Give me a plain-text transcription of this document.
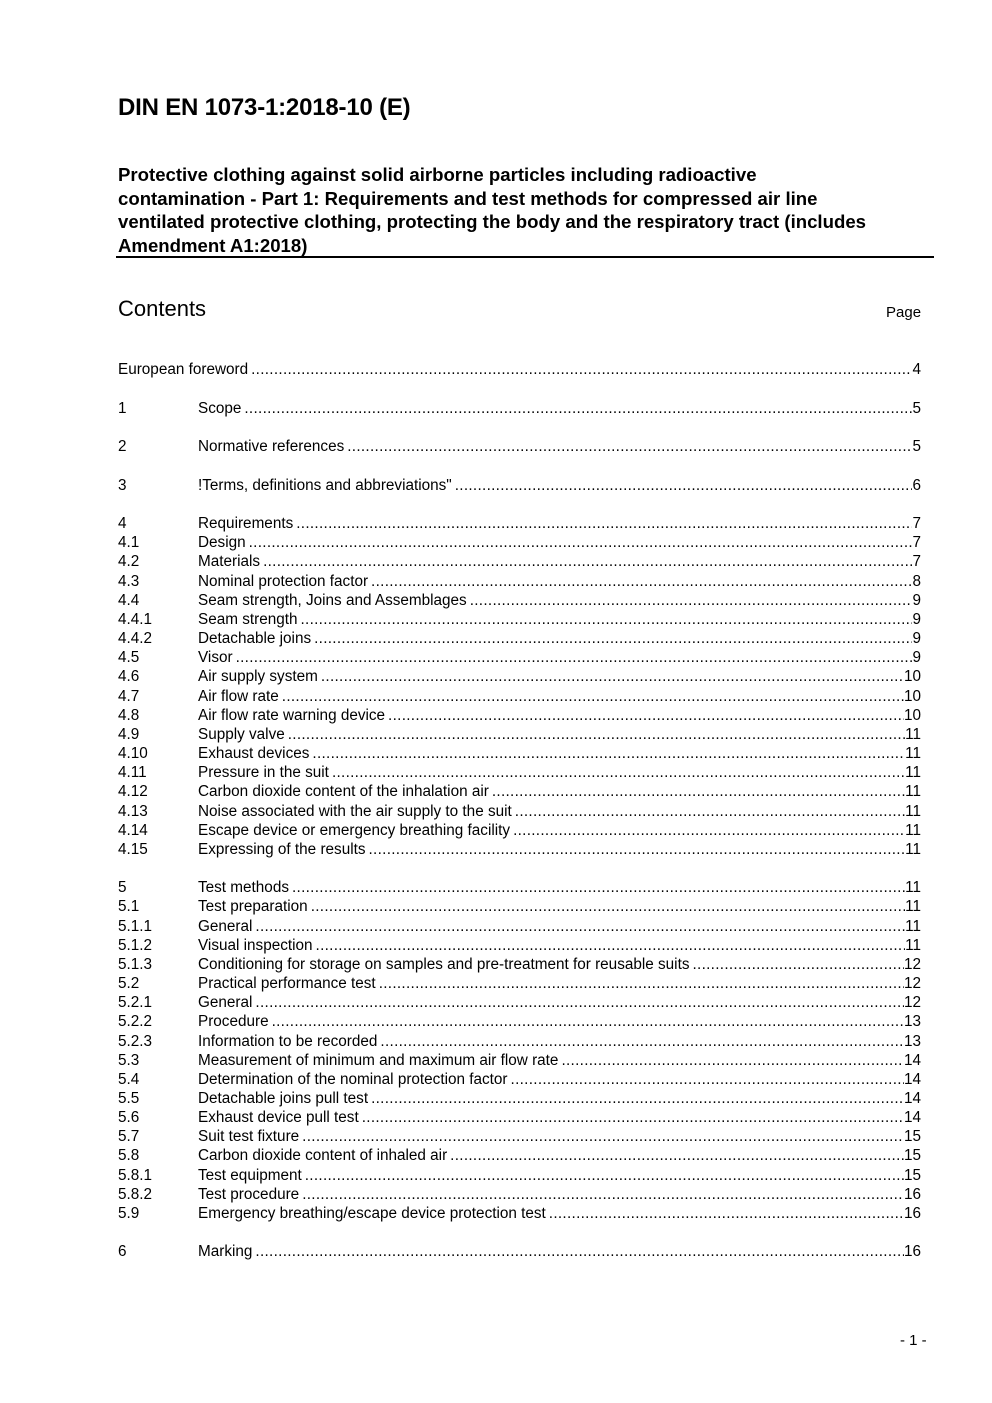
DIN EN 1073-1:2018-10 (E)
Protective clothing against solid airborne particles including radioactive
contamination - Part 1: Requirements and test methods for compressed air line
ventilated protective clothing, protecting the body and the respiratory tract (includes
Amendment A1:2018)
Contents	Page
European foreword .....	4
1	Scope .....	5
2	Normative references .....	5
3	!Terms, definitions and abbreviations" .....	6
4	Requirements .....	7
4.1	Design .....	7
4.2	Materials .....	7
4.3	Nominal protection factor .....	8
4.4	Seam strength, Joins and Assemblages .....	9
4.4.1	Seam strength .....	9
4.4.2	Detachable joins .....	9
4.5	Visor .....	9
4.6	Air supply system .....	10
4.7	Air flow rate .....	10
4.8	Air flow rate warning device .....	10
4.9	Supply valve .....	11
4.10	Exhaust devices .....	11
4.11	Pressure in the suit .....	11
4.12	Carbon dioxide content of the inhalation air .....	11
4.13	Noise associated with the air supply to the suit .....	11
4.14	Escape device or emergency breathing facility .....	11
4.15	Expressing of the results .....	11
5	Test methods .....	11
5.1	Test preparation .....	11
5.1.1	General .....	11
5.1.2	Visual inspection .....	11
5.1.3	Conditioning for storage on samples and pre-treatment for reusable suits .....	12
5.2	Practical performance test .....	12
5.2.1	General .....	12
5.2.2	Procedure .....	13
5.2.3	Information to be recorded .....	13
5.3	Measurement of minimum and maximum air flow rate .....	14
5.4	Determination of the nominal protection factor .....	14
5.5	Detachable joins pull test .....	14
5.6	Exhaust device pull test .....	14
5.7	Suit test fixture .....	15
5.8	Carbon dioxide content of inhaled air .....	15
5.8.1	Test equipment .....	15
5.8.2	Test procedure .....	16
5.9	Emergency breathing/escape device protection test .....	16
6	Marking .....	16
- 1 -
